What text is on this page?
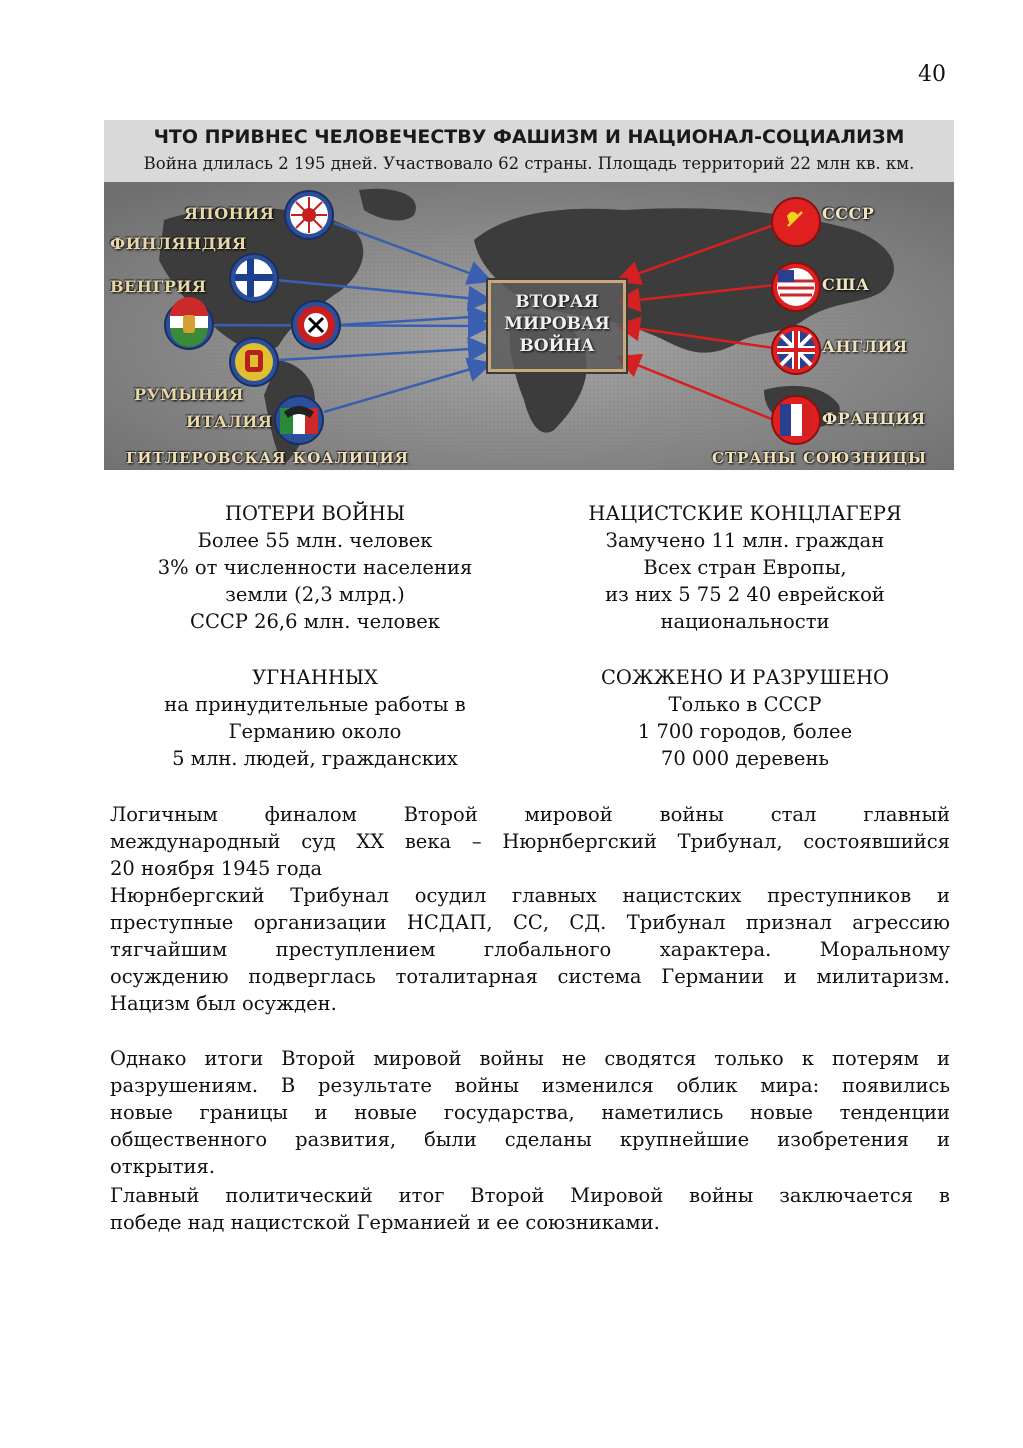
40
ЧТО ПРИВНЕС ЧЕЛОВЕЧЕСТВУ ФАШИЗМ И НАЦИОНАЛ-СОЦИАЛИЗМ
Война длилась 2 195 дней. Участвовало 62 страны. Площадь территорий 22 млн кв. км.
ВТОРАЯ
МИРОВАЯ
ВОЙНА
ЯПОНИЯ
ФИНЛЯНДИЯ
ВЕНГРИЯ
РУМЫНИЯ
ИТАЛИЯ
СССР
США
АНГЛИЯ
ФРАНЦИЯ
ГИТЛЕРОВСКАЯ КОАЛИЦИЯ	СТРАНЫ СОЮЗНИЦЫ
ПОТЕРИ ВОЙНЫ
Более 55 млн. человек
3% от численности населения
земли (2,3 млрд.)
СССР 26,6 млн. человек
НАЦИСТСКИЕ КОНЦЛАГЕРЯ
Замучено 11 млн. граждан
Всех стран Европы,
из них 5 75 2 40 еврейской
национальности
УГНАННЫХ
на принудительные работы в
Германию около
5 млн. людей, гражданских
СОЖЖЕНО И РАЗРУШЕНО
Только в СССР
1 700 городов, более
70 000 деревень
Логичным финалом Второй мировой войны стал главный
международный суд XX века – Нюрнбергский Трибунал, состоявшийся
20 ноября 1945 года
Нюрнбергский Трибунал осудил главных нацистских преступников и
преступные организации НСДАП, СС, СД. Трибунал признал агрессию
тягчайшим преступлением глобального характера. Моральному
осуждению подверглась тоталитарная система Германии и милитаризм.
Нацизм был осужден.
Однако итоги Второй мировой войны не сводятся только к потерям и
разрушениям. В результате войны изменился облик мира: появились
новые границы и новые государства, наметились новые тенденции
общественного развития, были сделаны крупнейшие изобретения и
открытия.
Главный политический итог Второй Мировой войны заключается в
победе над нацистской Германией и ее союзниками.
